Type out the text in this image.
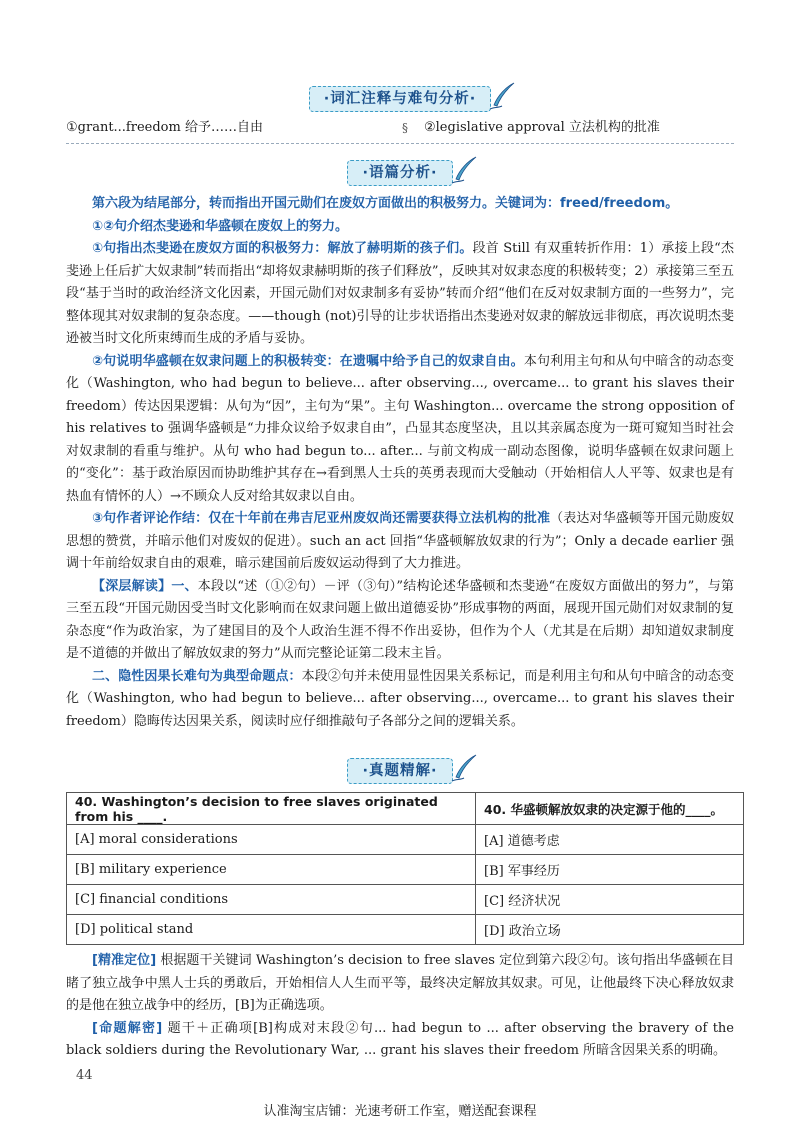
·词汇注释与难句分析·
①grant...freedom 给予……自由	§ ②legislative approval 立法机构的批准
·语篇分析·

第六段为结尾部分，转而指出开国元勋们在废奴方面做出的积极努力。关键词为：freed/freedom。

①②句介绍杰斐逊和华盛顿在废奴上的努力。

①句指出杰斐逊在废奴方面的积极努力：解放了赫明斯的孩子们。段首 Still 有双重转折作用：1）承接上段“杰斐逊上任后扩大奴隶制”转而指出“却将奴隶赫明斯的孩子们释放”，反映其对奴隶态度的积极转变；2）承接第三至五段“基于当时的政治经济文化因素，开国元勋们对奴隶制多有妥协”转而介绍“他们在反对奴隶制方面的一些努力”，完整体现其对奴隶制的复杂态度。——though (not)引导的让步状语指出杰斐逊对奴隶的解放远非彻底，再次说明杰斐逊被当时文化所束缚而生成的矛盾与妥协。

②句说明华盛顿在奴隶问题上的积极转变：在遗嘱中给予自己的奴隶自由。本句利用主句和从句中暗含的动态变化（Washington, who had begun to believe... after observing..., overcame... to grant his slaves their freedom）传达因果逻辑：从句为“因”，主句为“果”。主句 Washington... overcame the strong opposition of his relatives to 强调华盛顿是“力排众议给予奴隶自由”，凸显其态度坚决，且以其亲属态度为一斑可窥知当时社会对奴隶制的看重与维护。从句 who had begun to... after... 与前文构成一副动态图像，说明华盛顿在奴隶问题上的“变化”：基于政治原因而协助维护其存在→看到黑人士兵的英勇表现而大受触动（开始相信人人平等、奴隶也是有热血有情怀的人）→不顾众人反对给其奴隶以自由。

③句作者评论作结：仅在十年前在弗吉尼亚州废奴尚还需要获得立法机构的批准（表达对华盛顿等开国元勋废奴思想的赞赏，并暗示他们对废奴的促进）。such an act 回指“华盛顿解放奴隶的行为”；Only a decade earlier 强调十年前给奴隶自由的艰难，暗示建国前后废奴运动得到了大力推进。

【深层解读】一、本段以“述（①②句）－评（③句）”结构论述华盛顿和杰斐逊“在废奴方面做出的努力”，与第三至五段“开国元勋因受当时文化影响而在奴隶问题上做出道德妥协”形成事物的两面，展现开国元勋们对奴隶制的复杂态度“作为政治家，为了建国目的及个人政治生涯不得不作出妥协，但作为个人（尤其是在后期）却知道奴隶制度是不道德的并做出了解放奴隶的努力”从而完整论证第二段末主旨。

二、隐性因果长难句为典型命题点：本段②句并未使用显性因果关系标记，而是利用主句和从句中暗含的动态变化（Washington, who had begun to believe... after observing..., overcame... to grant his slaves their freedom）隐晦传达因果关系，阅读时应仔细推敲句子各部分之间的逻辑关系。

·真题精解·
40. Washington’s decision to free slaves originated from his ____.	40. 华盛顿解放奴隶的决定源于他的____。
[A] moral considerations	[A] 道德考虑
[B] military experience	[B] 军事经历
[C] financial conditions	[C] 经济状况
[D] political stand	[D] 政治立场

[精准定位] 根据题干关键词 Washington’s decision to free slaves 定位到第六段②句。该句指出华盛顿在目睹了独立战争中黑人士兵的勇敢后，开始相信人人生而平等，最终决定解放其奴隶。可见，让他最终下决心释放奴隶的是他在独立战争中的经历，[B]为正确选项。

[命题解密] 题干＋正确项[B]构成对末段②句... had begun to ... after observing the bravery of the black soldiers during the Revolutionary War, ... grant his slaves their freedom 所暗含因果关系的明确。

44
认准淘宝店铺：光速考研工作室，赠送配套课程
